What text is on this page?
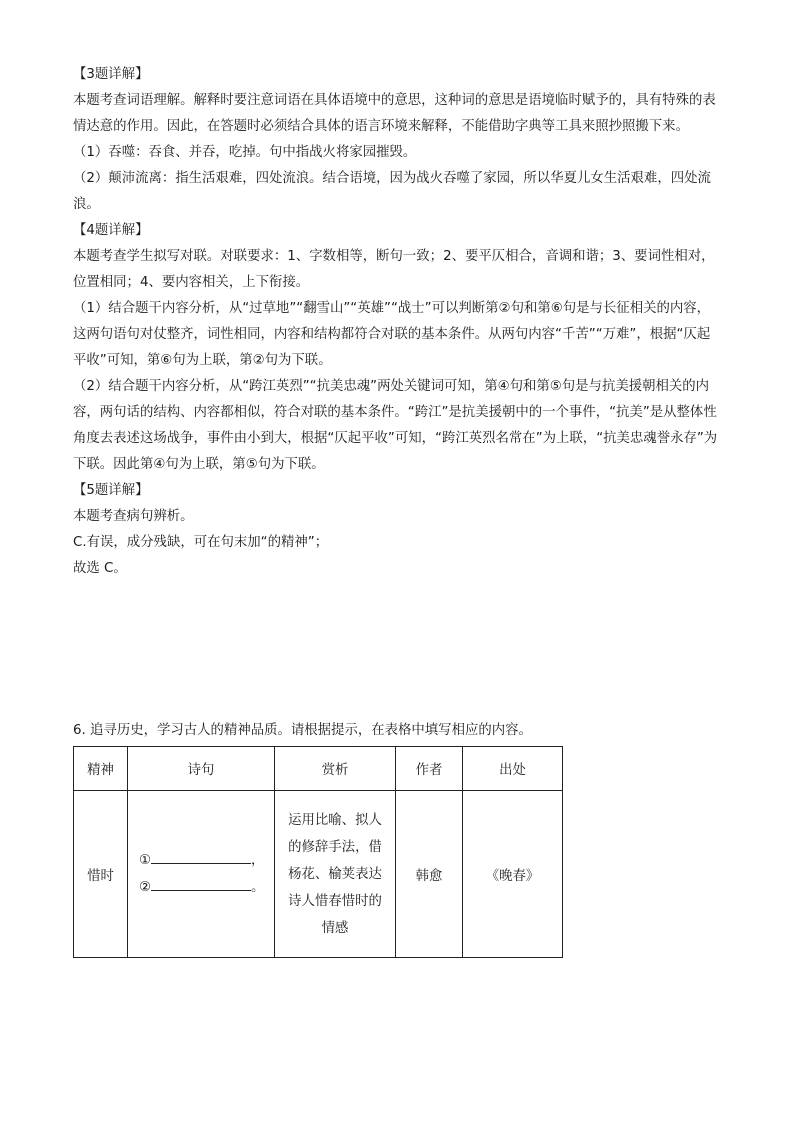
【3题详解】
本题考查词语理解。解释时要注意词语在具体语境中的意思，这种词的意思是语境临时赋予的，具有特殊的表情达意的作用。因此，在答题时必须结合具体的语言环境来解释，不能借助字典等工具来照抄照搬下来。
（1）吞噬：吞食、并吞，吃掉。句中指战火将家园摧毁。
（2）颠沛流离：指生活艰难，四处流浪。结合语境，因为战火吞噬了家园，所以华夏儿女生活艰难，四处流浪。
【4题详解】
本题考查学生拟写对联。对联要求：1、字数相等，断句一致；2、要平仄相合，音调和谐；3、要词性相对，位置相同；4、要内容相关，上下衔接。
（1）结合题干内容分析，从“过草地”“翻雪山”“英雄”“战士”可以判断第②句和第⑥句是与长征相关的内容，这两句语句对仗整齐，词性相同，内容和结构都符合对联的基本条件。从两句内容“千苦”“万难”，根据“仄起平收”可知，第⑥句为上联，第②句为下联。
（2）结合题干内容分析，从“跨江英烈”“抗美忠魂”两处关键词可知，第④句和第⑤句是与抗美援朝相关的内容，两句话的结构、内容都相似，符合对联的基本条件。“跨江”是抗美援朝中的一个事件，“抗美”是从整体性角度去表述这场战争，事件由小到大，根据“仄起平收”可知，“跨江英烈名常在”为上联，“抗美忠魂誉永存”为下联。因此第④句为上联，第⑤句为下联。
【5题详解】
本题考查病句辨析。
C.有误，成分残缺，可在句末加“的精神”；
故选 C。
6. 追寻历史，学习古人的精神品质。请根据提示，在表格中填写相应的内容。
精神	诗句	赏析	作者	出处
惜时	① ，
② 。	运用比喻、拟人的修辞手法，借杨花、榆荚表达诗人惜春惜时的情感	韩愈	《晚春》
